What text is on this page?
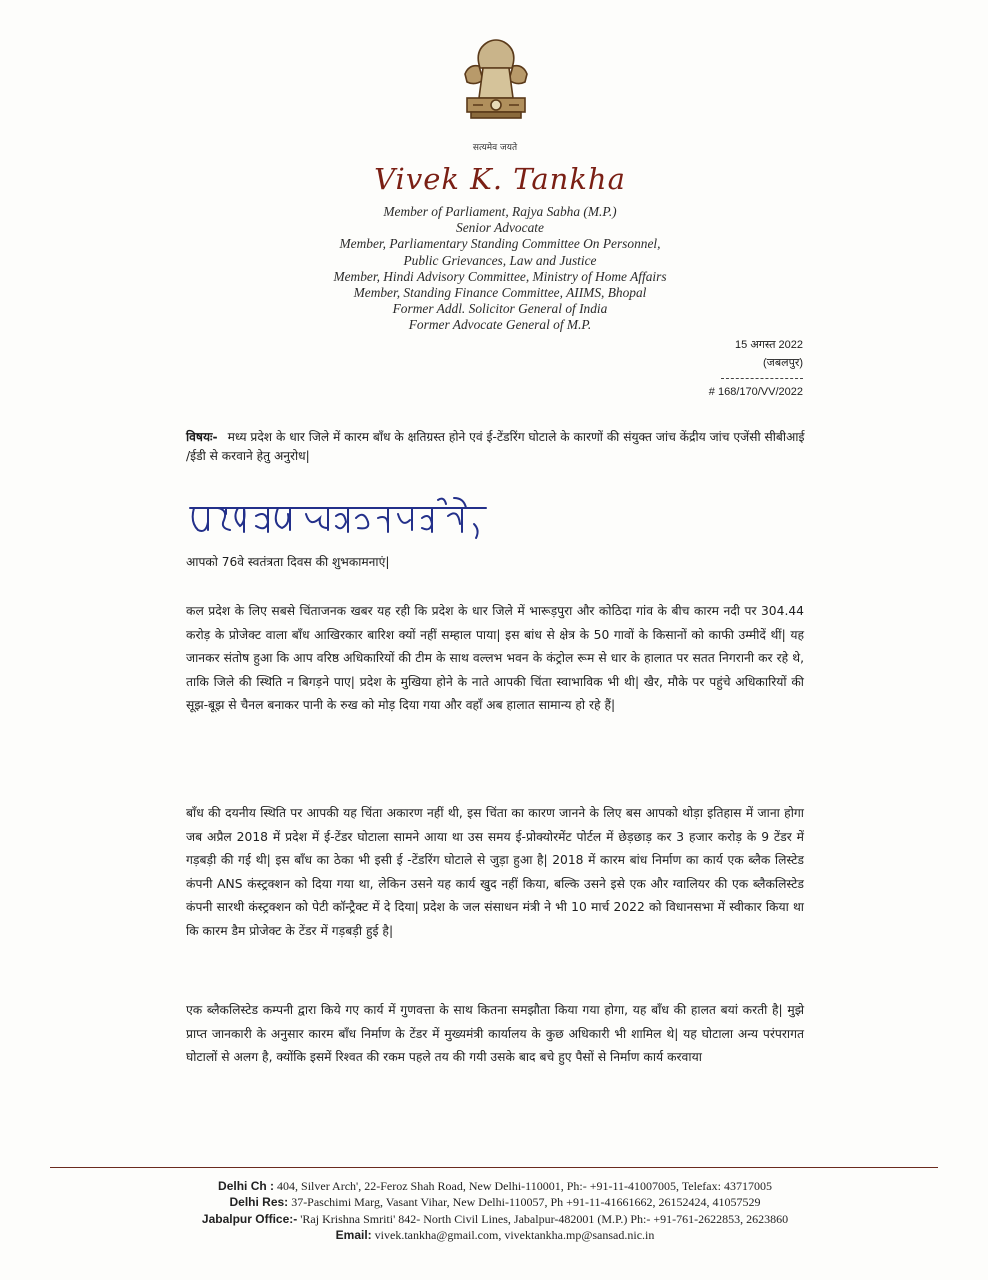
सत्यमेव जयते
Vivek K. Tankha
Member of Parliament, Rajya Sabha (M.P.)
Senior Advocate
Member, Parliamentary Standing Committee On Personnel,
Public Grievances, Law and Justice
Member, Hindi Advisory Committee, Ministry of Home Affairs
Member, Standing Finance Committee, AIIMS, Bhopal
Former Addl. Solicitor General of India
Former Advocate General of M.P.
15 अगस्त 2022
(जबलपुर)
# 168/170/VV/2022
विषयः- मध्य प्रदेश के धार जिले में कारम बाँध के क्षतिग्रस्त होने एवं ई-टेंडरिंग घोटाले के कारणों की संयुक्त जांच केंद्रीय जांच एजेंसी सीबीआई /ईडी से करवाने हेतु अनुरोध|
आपको 76वे स्वतंत्रता दिवस की शुभकामनाएं|
कल प्रदेश के लिए सबसे चिंताजनक खबर यह रही कि प्रदेश के धार जिले में भारूड़पुरा और कोठिदा गांव के बीच कारम नदी पर 304.44 करोड़ के प्रोजेक्ट वाला बाँध आखिरकार बारिश क्यों नहीं सम्हाल पाया| इस बांध से क्षेत्र के 50 गावों के किसानों को काफी उम्मीदें थीं| यह जानकर संतोष हुआ कि आप वरिष्ठ अधिकारियों की टीम के साथ वल्लभ भवन के कंट्रोल रूम से धार के हालात पर सतत निगरानी कर रहे थे, ताकि जिले की स्थिति न बिगड़ने पाए| प्रदेश के मुखिया होने के नाते आपकी चिंता स्वाभाविक भी थी| खैर, मौके पर पहुंचे अधिकारियों की सूझ-बूझ से चैनल बनाकर पानी के रुख को मोड़ दिया गया और वहाँ अब हालात सामान्य हो रहे हैं|
बाँध की दयनीय स्थिति पर आपकी यह चिंता अकारण नहीं थी, इस चिंता का कारण जानने के लिए बस आपको थोड़ा इतिहास में जाना होगा जब अप्रैल 2018 में प्रदेश में ई-टेंडर घोटाला सामने आया था उस समय ई-प्रोक्योरमेंट पोर्टल में छेड़छाड़ कर 3 हजार करोड़ के 9 टेंडर में गड़बड़ी की गई थी| इस बाँध का ठेका भी इसी ई -टेंडरिंग घोटाले से जुड़ा हुआ है| 2018 में कारम बांध निर्माण का कार्य एक ब्लैक लिस्टेड कंपनी ANS कंस्ट्रक्शन को दिया गया था, लेकिन उसने यह कार्य खुद नहीं किया, बल्कि उसने इसे एक और ग्वालियर की एक ब्लैकलिस्टेड कंपनी सारथी कंस्ट्रक्शन को पेटी कॉन्ट्रैक्ट में दे दिया| प्रदेश के जल संसाधन मंत्री ने भी 10 मार्च 2022 को विधानसभा में स्वीकार किया था कि कारम डैम प्रोजेक्ट के टेंडर में गड़बड़ी हुई है|
एक ब्लैकलिस्टेड कम्पनी द्वारा किये गए कार्य में गुणवत्ता के साथ कितना समझौता किया गया होगा, यह बाँध की हालत बयां करती है| मुझे प्राप्त जानकारी के अनुसार कारम बाँध निर्माण के टेंडर में मुख्यमंत्री कार्यालय के कुछ अधिकारी भी शामिल थे| यह घोटाला अन्य परंपरागत घोटालों से अलग है, क्योंकि इसमें रिश्वत की रकम पहले तय की गयी उसके बाद बचे हुए पैसों से निर्माण कार्य करवाया
Delhi Ch : 404, Silver Arch', 22-Feroz Shah Road, New Delhi-110001, Ph:- +91-11-41007005, Telefax: 43717005
Delhi Res: 37-Paschimi Marg, Vasant Vihar, New Delhi-110057, Ph +91-11-41661662, 26152424, 41057529
Jabalpur Office:- 'Raj Krishna Smriti' 842- North Civil Lines, Jabalpur-482001 (M.P.) Ph:- +91-761-2622853, 2623860
Email: vivek.tankha@gmail.com, vivektankha.mp@sansad.nic.in
